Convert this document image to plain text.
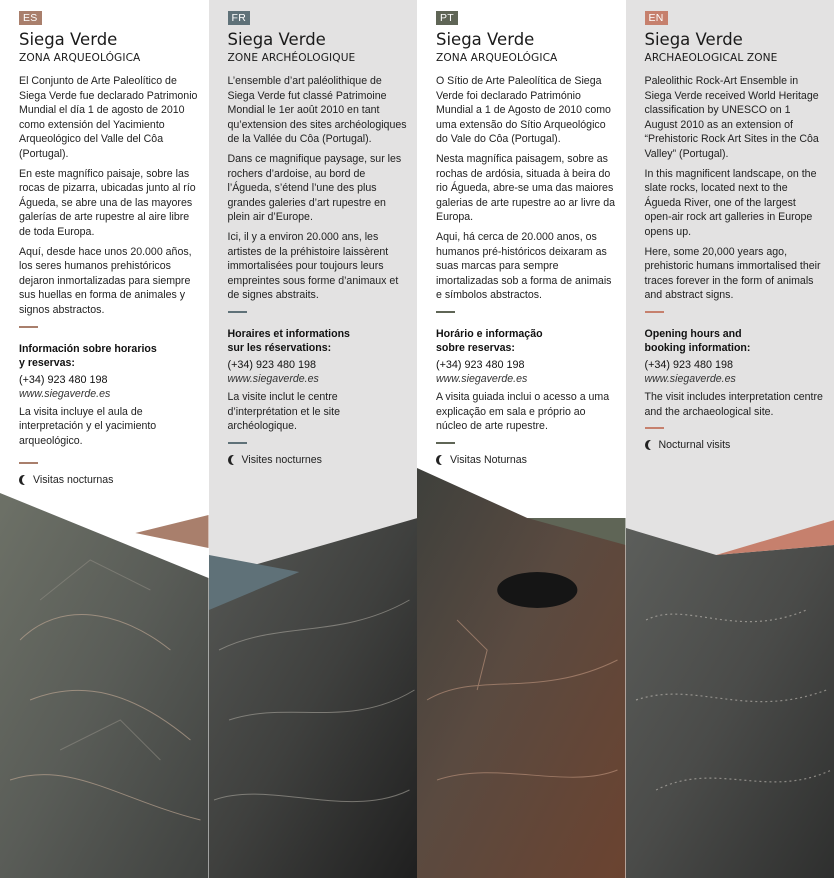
ES
Siega Verde
ZONA ARQUEOLÓGICA

El Conjunto de Arte Paleolítico de Siega Verde fue declarado Patrimonio Mundial el día 1 de agosto de 2010 como extensión del Yacimiento Arqueológico del Valle del Côa (Portugal).

En este magnífico paisaje, sobre las rocas de pizarra, ubicadas junto al río Águeda, se abre una de las mayores galerías de arte rupestre al aire libre de toda Europa.

Aquí, desde hace unos 20.000 años, los seres humanos prehistóricos dejaron inmortalizadas para siempre sus huellas en forma de animales y signos abstractos.

Información sobre horarios
y reservas:
(+34) 923 480 198
www.siegaverde.es

La visita incluye el aula de interpretación y el yacimiento arqueológico.

Visitas nocturnas
FR
Siega Verde
ZONE ARCHÉOLOGIQUE

L’ensemble d’art paléolithique de Siega Verde fut classé Patrimoine Mondial le 1er août 2010 en tant qu’extension des sites archéologiques de la Vallée du Côa (Portugal).

Dans ce magnifique paysage, sur les rochers d’ardoise, au bord de l’Águeda, s’étend l’une des plus grandes galeries d’art rupestre en plein air d’Europe.

Ici, il y a environ 20.000 ans, les artistes de la préhistoire laissèrent immortalisées pour toujours leurs empreintes sous forme d’animaux et de signes abstraits.

Horaires et informations
sur les réservations:
(+34) 923 480 198
www.siegaverde.es

La visite inclut le centre d’interprétation et le site archéologique.

Visites nocturnes
PT
Siega Verde
ZONA ARQUEOLÓGICA

O Sítio de Arte Paleolítica de Siega Verde foi declarado Património Mundial a 1 de Agosto de 2010 como uma extensão do Sítio Arqueológico do Vale do Côa (Portugal).

Nesta magnífica paisagem, sobre as rochas de ardósia, situada à beira do rio Águeda, abre-se uma das maiores galerias de arte rupestre ao ar livre da Europa.

Aqui, há cerca de 20.000 anos, os humanos pré-históricos deixaram as suas marcas para sempre imortalizadas sob a forma de animais e símbolos abstractos.

Horário e informação
sobre reservas:
(+34) 923 480 198
www.siegaverde.es

A visita guiada inclui o acesso a uma explicação em sala e próprio ao núcleo de arte rupestre.

Visitas Noturnas
EN
Siega Verde
ARCHAEOLOGICAL ZONE

Paleolithic Rock-Art Ensemble in Siega Verde received World Heritage classification by UNESCO on 1 August 2010 as an extension of “Prehistoric Rock Art Sites in the Côa Valley” (Portugal).

In this magnificent landscape, on the slate rocks, located next to the Águeda River, one of the largest open-air rock art galleries in Europe opens up.

Here, some 20,000 years ago, prehistoric humans immortalised their traces forever in the form of animals and abstract signs.

Opening hours and
booking information:
(+34) 923 480 198
www.siegaverde.es

The visit includes interpretation centre and the archaeological site.

Nocturnal visits
